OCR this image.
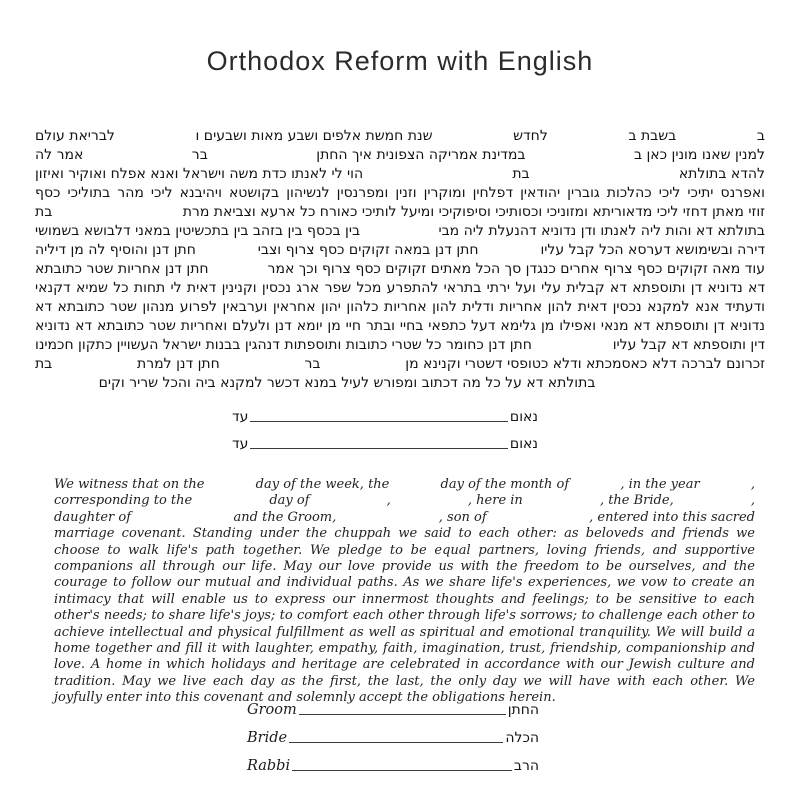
Orthodox Reform with English
ב
בשבת ב
לחדש
שנת חמשת אלפים ושבע מאות ושבעים ו
לבריאת עולם
למנין שאנו מונין כאן ב
במדינת אמריקה הצפונית איך החתן
בר
אמר לה
להדא בתולתא
בת
הוי לי לאנתו כדת משה וישראל ואנא אפלח ואוקיר ואיזון
ואפרנס יתיכי ליכי כהלכות גוברין יהודאין דפלחין ומוקרין וזנין ומפרנסין לנשיהון בקושטא ויהיבנא ליכי מהר בתוליכי כסף
זוזי מאתן דחזי ליכי מדאוריתא ומזוניכי וכסותיכי וסיפוקיכי ומיעל לותיכי כאורח כל ארעא וצביאת מרת
בת
בתולתא דא והות ליה לאנתו ודן נדוניא דהנעלת ליה מבי
בין בכסף בין בזהב בין בתכשיטין במאני דלבושא בשמושי
דירה ובשימושא דערסא הכל קבל עליו
חתן דנן במאה זקוקים כסף צרוף וצבי
חתן דנן והוסיף לה מן דיליה
עוד מאה זקוקים כסף צרוף אחרים כנגדן סך הכל מאתים זקוקים כסף צרוף וכך אמר
חתן דנן אחריות שטר כתובתא
דא נדוניא דן ותוספתא דא קבלית עלי ועל ירתי בתראי להתפרע מכל שפר ארג נכסין וקנינין דאית לי תחות כל שמיא דקנאי
ודעתיד אנא למקנא נכסין דאית להון אחריות ודלית להון אחריות כלהון יהון אחראין וערבאין לפרוע מנהון שטר כתובתא דא
נדוניא דן ותוספתא דא מנאי ואפילו מן גלימא דעל כתפאי בחיי ובתר חיי מן יומא דנן ולעלם ואחריות שטר כתובתא דא נדוניא
דין ותוספתא דא קבל עליו
חתן דנן כחומר כל שטרי כתובות ותוספתות דנהגין בבנות ישראל העשויין כתקון חכמינו
זכרונם לברכה דלא כאסמכתא ודלא כטופסי דשטרי וקנינא מן
בר
חתן דנן למרת
בת
בתולתא דא על כל מה דכתוב ומפורש לעיל במנא דכשר למקנא ביה והכל שריר וקים
נאום
עד
נאום
עד
We witness that on the	day of the week, the	day of the month of	, in the year	,
corresponding to the	day of	,	, here in	, the Bride,	,
daughter of	and the Groom,	, son of	, entered into this sacred

marriage covenant. Standing under the chuppah we said to each other: as beloveds and friends we choose to walk life's path together. We pledge to be equal partners, loving friends, and supportive companions all through our life. May our love provide us with the freedom to be ourselves, and the courage to follow our mutual and individual paths. As we share life's experiences, we vow to create an intimacy that will enable us to express our innermost thoughts and feelings; to be sensitive to each other's needs; to share life's joys; to comfort each other through life's sorrows; to challenge each other to achieve intellectual and physical fulfillment as well as spiritual and emotional tranquility. We will build a home together and fill it with laughter, empathy, faith, imagination, trust, friendship, companionship and love. A home in which holidays and heritage are celebrated in accordance with our Jewish culture and tradition. May we live each day as the first, the last, the only day we will have with each other. We joyfully enter into this covenant and solemnly accept the obligations herein.

Groom	החתן
Bride	הכלה
Rabbi	הרב
